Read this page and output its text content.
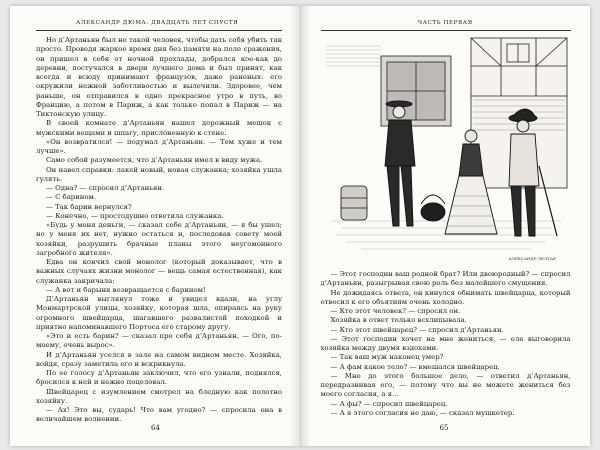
АЛЕКСАНДР ДЮМА. ДВАДЦАТЬ ЛЕТ СПУСТЯ

Но д’Артаньян был не такой человек, чтобы дать себя убить так просто. Проведя жаркое время дня без памяти на поле сражения, он пришел в себя от ночной прохлады, добрался кое-как до деревни, постучался в двери лучшего дома и был принят, как всегда и всюду принимают французов, даже раненых: его окружили нежной заботливостью и вылечили. Здоровее, чем раньше, он отправился в одно прекрасное утро в путь, во Францию, а потом в Париж, а как только попал в Париж — на Тиктонскую улицу.

В своей комнате д’Артаньян нашел дорожный мешок с мужскими вещами и шпагу, прислоненную к стене.

«Он возвратился! — подумал д’Артаньян. — Тем хуже и тем лучше».

Само собой разумеется, что д’Артаньян имел в виду мужа.

Он навел справки: лакей новый, новая служанка; хозяйка ушла гулять.

— Одна? — спросил д’Артаньян.

— С барином.

— Так барин вернулся?

— Конечно, — простодушно ответила служанка.

«Будь у меня деньги, — сказал себе д’Артаньян, — я бы ушел; но у меня их нет, нужно остаться и, последовав совету моей хозяйки, разрушить брачные планы этого неугомонного загробного жителя».

Едва он кончил свой монолог (который доказывает, что в важных случаях жизни монолог — вещь самая естественная), как служанка закричала:

— А вот и барыня возвращается с барином!

Д’Артаньян выглянул тоже и увидел вдали, на углу Монмартрской улицы, хозяйку, которая шла, опираясь на руку огромного швейцарца, шагавшего развалистой походкой и приятно напоминавшего Портоса его старому другу.

«Это и есть барин? — сказал про себя д’Артаньян. — Ого, по-моему, очень вырос».

И д’Артаньян уселся в зале на самом видном месте. Хозяйка, войдя, сразу заметила его и вскрикнула.

По ее голосу д’Артаньян заключил, что его узнали, поднялся, бросился к ней и нежно поцеловал.

Швейцарец с изумлением смотрел на бледную как полотно хозяйку.

— Ах! Это вы, сударь! Что вам угодно? — спросила она в величайшем волнении.

64
ЧАСТЬ ПЕРВАЯ
АЛЕКСАНДР ЛЕЛУАР

— Этот господин ваш родной брат? Или двоюродный? — спросил д’Артаньян, разыгрывая свою роль без малейшего смущения.

Не дожидаясь ответа, он кинулся обнимать швейцарца, который отвесил к его объятиям очень холодно.

— Кто этот человек? — спросил он.

Хозяйка в ответ только всхлипывала.

— Кто этот швейцарец? — спросил д’Артаньян.

— Этот господин хочет на мне жениться, — еле выговорила хозяйка между двумя вздохами.

— Так ваш муж наконец умер?

— А фам какое тело? — вмешался швейцарец.

— Мне до этого большое дело, — ответил д’Артаньян, передразнивая его, — потому что вы не можете жениться без моего согласия, а я...

— А фы? — спросил швейцарец.

— А я этого согласия не даю, — сказал мушкетер.

65
